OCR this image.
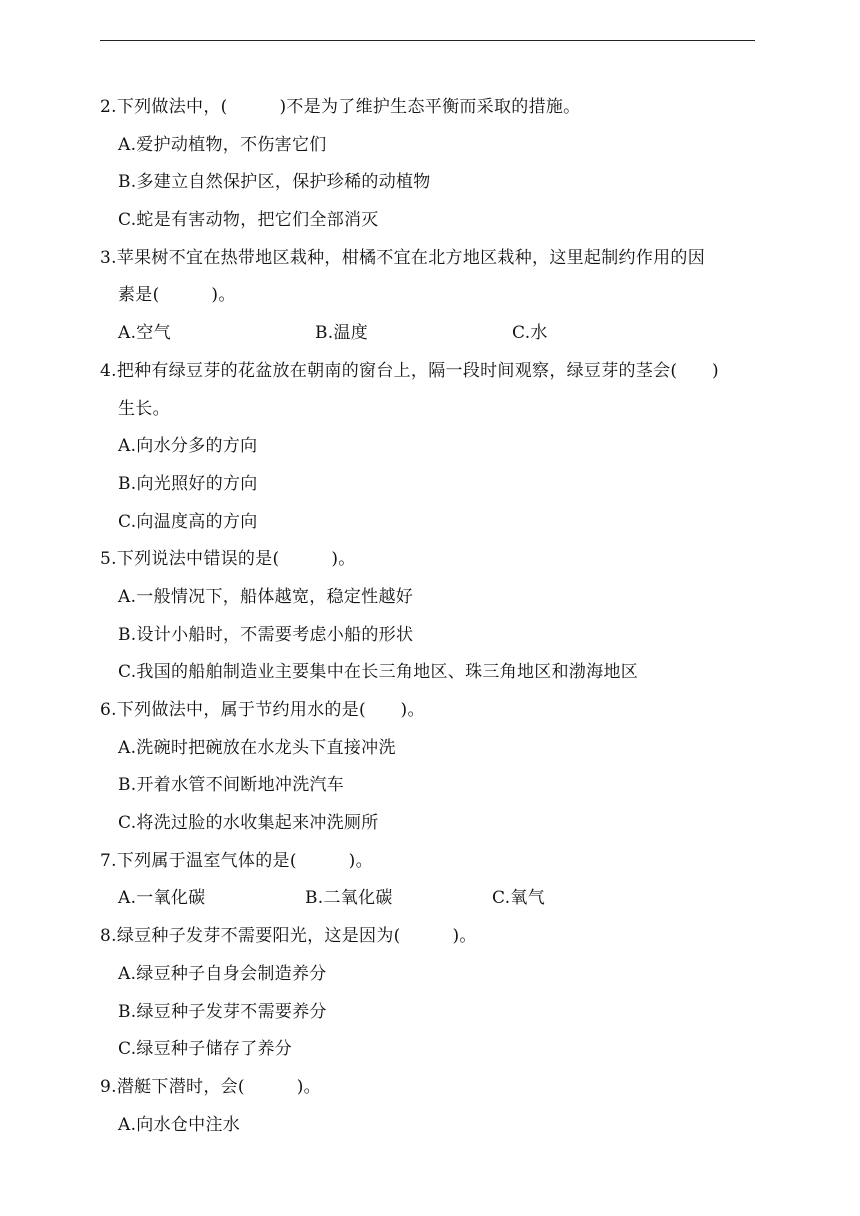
2.下列做法中，(　　　)不是为了维护生态平衡而采取的措施。
A.爱护动植物，不伤害它们
B.多建立自然保护区，保护珍稀的动植物
C.蛇是有害动物，把它们全部消灭
3.苹果树不宜在热带地区栽种，柑橘不宜在北方地区栽种，这里起制约作用的因
素是(　　　)。
A.空气	B.温度	C.水
4.把种有绿豆芽的花盆放在朝南的窗台上，隔一段时间观察，绿豆芽的茎会(　　)
生长。
A.向水分多的方向
B.向光照好的方向
C.向温度高的方向
5.下列说法中错误的是(　　　)。
A.一般情况下，船体越宽，稳定性越好
B.设计小船时，不需要考虑小船的形状
C.我国的船舶制造业主要集中在长三角地区、珠三角地区和渤海地区
6.下列做法中，属于节约用水的是(　　)。
A.洗碗时把碗放在水龙头下直接冲洗
B.开着水管不间断地冲洗汽车
C.将洗过脸的水收集起来冲洗厕所
7.下列属于温室气体的是(　　　)。
A.一氧化碳	B.二氧化碳	C.氧气
8.绿豆种子发芽不需要阳光，这是因为(　　　)。
A.绿豆种子自身会制造养分
B.绿豆种子发芽不需要养分
C.绿豆种子储存了养分
9.潜艇下潜时，会(　　　)。
A.向水仓中注水
